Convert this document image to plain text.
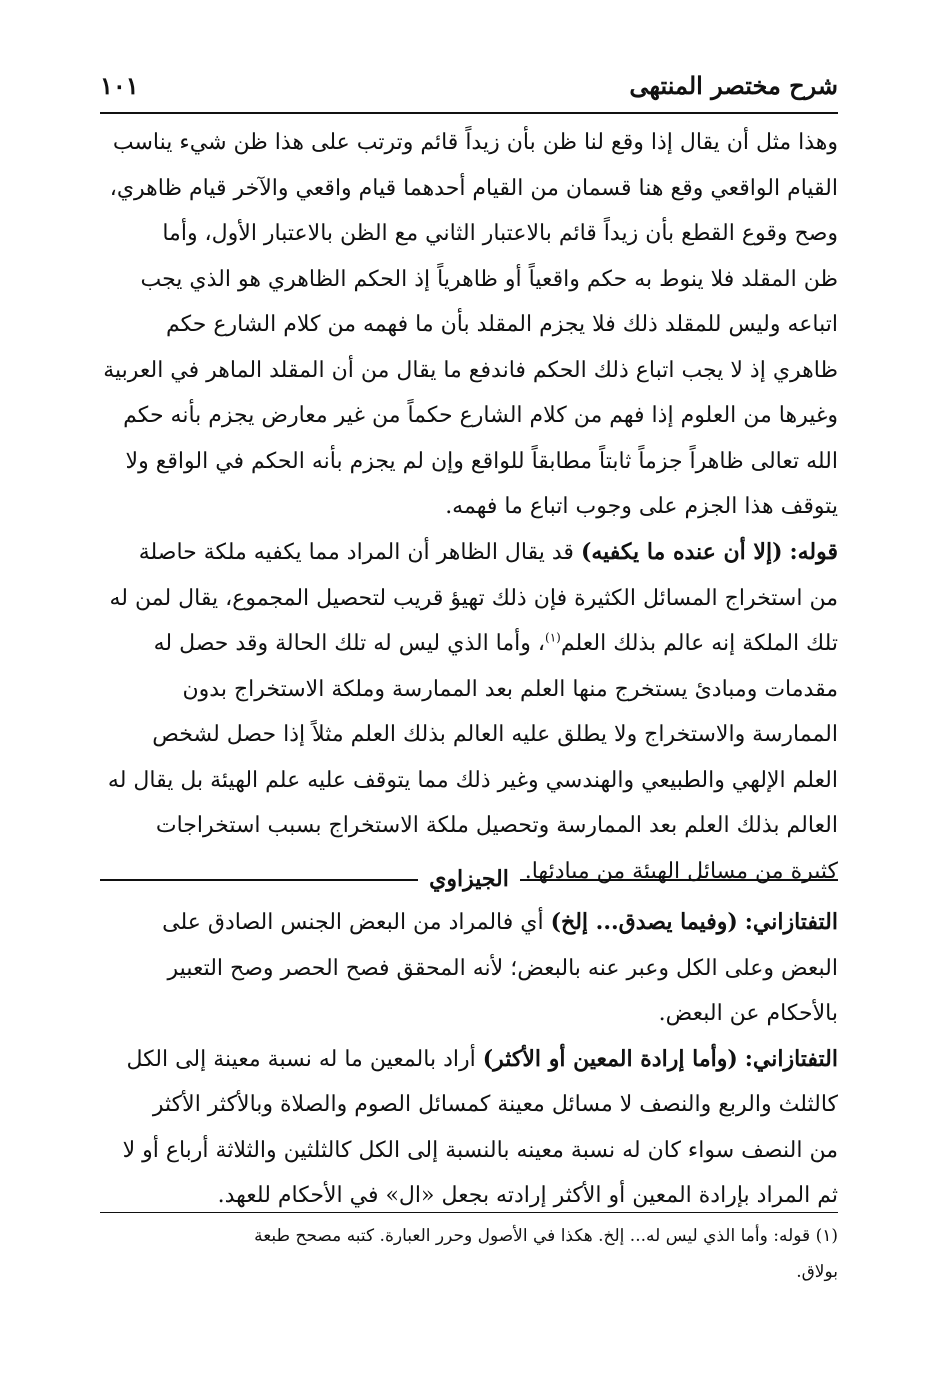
شرح مختصر المنتهى
١٠١
وهذا مثل أن يقال إذا وقع لنا ظن بأن زيداً قائم وترتب على هذا ظن شيء يناسب
القيام الواقعي وقع هنا قسمان من القيام أحدهما قيام واقعي والآخر قيام ظاهري،
وصح وقوع القطع بأن زيداً قائم بالاعتبار الثاني مع الظن بالاعتبار الأول، وأما
ظن المقلد فلا ينوط به حكم واقعياً أو ظاهرياً إذ الحكم الظاهري هو الذي يجب
اتباعه وليس للمقلد ذلك فلا يجزم المقلد بأن ما فهمه من كلام الشارع حكم
ظاهري إذ لا يجب اتباع ذلك الحكم فاندفع ما يقال من أن المقلد الماهر في العربية
وغيرها من العلوم إذا فهم من كلام الشارع حكماً من غير معارض يجزم بأنه حكم
الله تعالى ظاهراً جزماً ثابتاً مطابقاً للواقع وإن لم يجزم بأنه الحكم في الواقع ولا
يتوقف هذا الجزم على وجوب اتباع ما فهمه.
قوله: (إلا أن عنده ما يكفيه) قد يقال الظاهر أن المراد مما يكفيه ملكة حاصلة
من استخراج المسائل الكثيرة فإن ذلك تهيؤ قريب لتحصيل المجموع، يقال لمن له
تلك الملكة إنه عالم بذلك العلم$^{(١)}$، وأما الذي ليس له تلك الحالة وقد حصل له
مقدمات ومبادئ يستخرج منها العلم بعد الممارسة وملكة الاستخراج بدون
الممارسة والاستخراج ولا يطلق عليه العالم بذلك العلم مثلاً إذا حصل لشخص
العلم الإلهي والطبيعي والهندسي وغير ذلك مما يتوقف عليه علم الهيئة بل يقال له
العالم بذلك العلم بعد الممارسة وتحصيل ملكة الاستخراج بسبب استخراجات
كثيرة من مسائل الهيئة من مبادئها.
الجيزاوي
التفتازاني: (وفيما يصدق... إلخ) أي فالمراد من البعض الجنس الصادق على
البعض وعلى الكل وعبر عنه بالبعض؛ لأنه المحقق فصح الحصر وصح التعبير
بالأحكام عن البعض.
التفتازاني: (وأما إرادة المعين أو الأكثر) أراد بالمعين ما له نسبة معينة إلى الكل
كالثلث والربع والنصف لا مسائل معينة كمسائل الصوم والصلاة وبالأكثر الأكثر
من النصف سواء كان له نسبة معينه بالنسبة إلى الكل كالثلثين والثلاثة أرباع أو لا
ثم المراد بإرادة المعين أو الأكثر إرادته بجعل «ال» في الأحكام للعهد.
(١) قوله: وأما الذي ليس له... إلخ. هكذا في الأصول وحرر العبارة. كتبه مصحح طبعة
بولاق.
